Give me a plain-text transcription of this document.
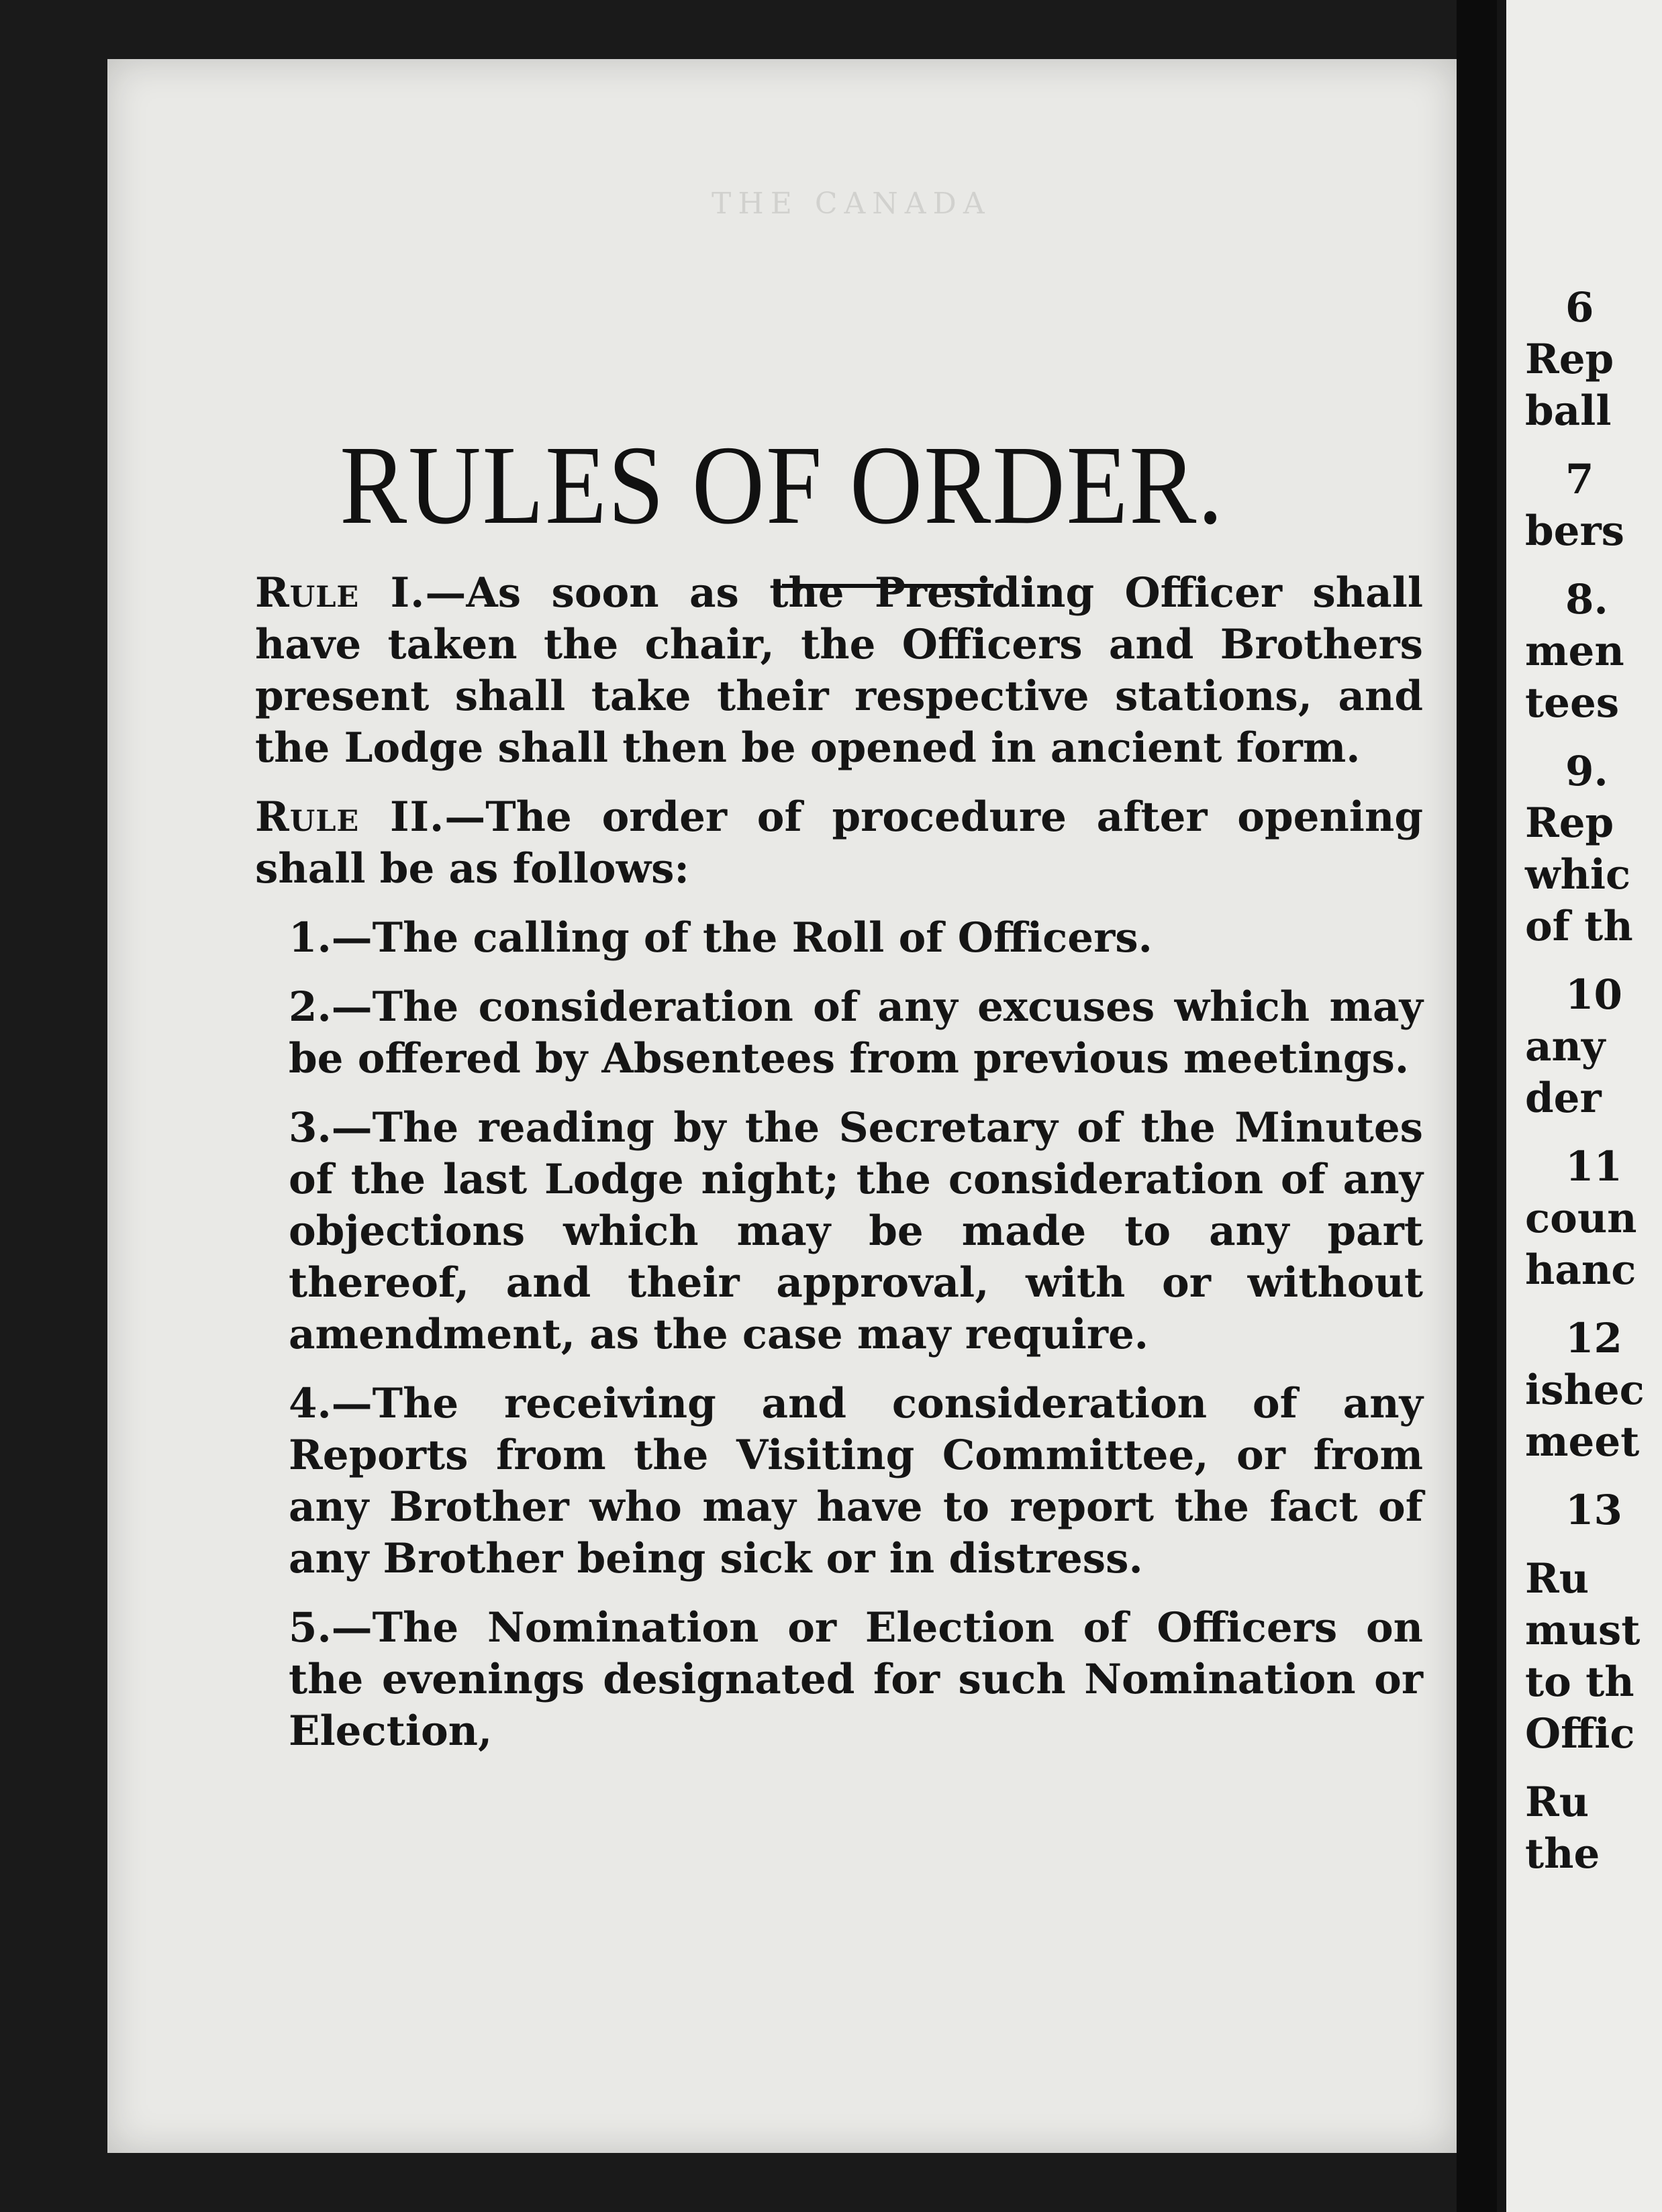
THE CANADA
RULES OF ORDER.

Rule I.—As soon as the Presiding Officer shall have taken the chair, the Officers and Brothers present shall take their respective stations, and the Lodge shall then be opened in ancient form.

Rule II.—The order of procedure after opening shall be as follows:

1.—The calling of the Roll of Officers.

2.—The consideration of any excuses which may be offered by Absentees from previous meetings.

3.—The reading by the Secretary of the Minutes of the last Lodge night; the consideration of any objections which may be made to any part thereof, and their approval, with or without amendment, as the case may require.

4.—The receiving and consideration of any Reports from the Visiting Committee, or from any Brother who may have to report the fact of any Brother being sick or in distress.

5.—The Nomination or Election of Officers on the evenings designated for such Nomination or Election,

6
Rep
ball
7
bers
8.
men
tees
9.
Rep
whic
of th
10
any
der
11
coun
hanc
12
ishec
meet
13
Ru
must
to th
Offic
Ru
the
